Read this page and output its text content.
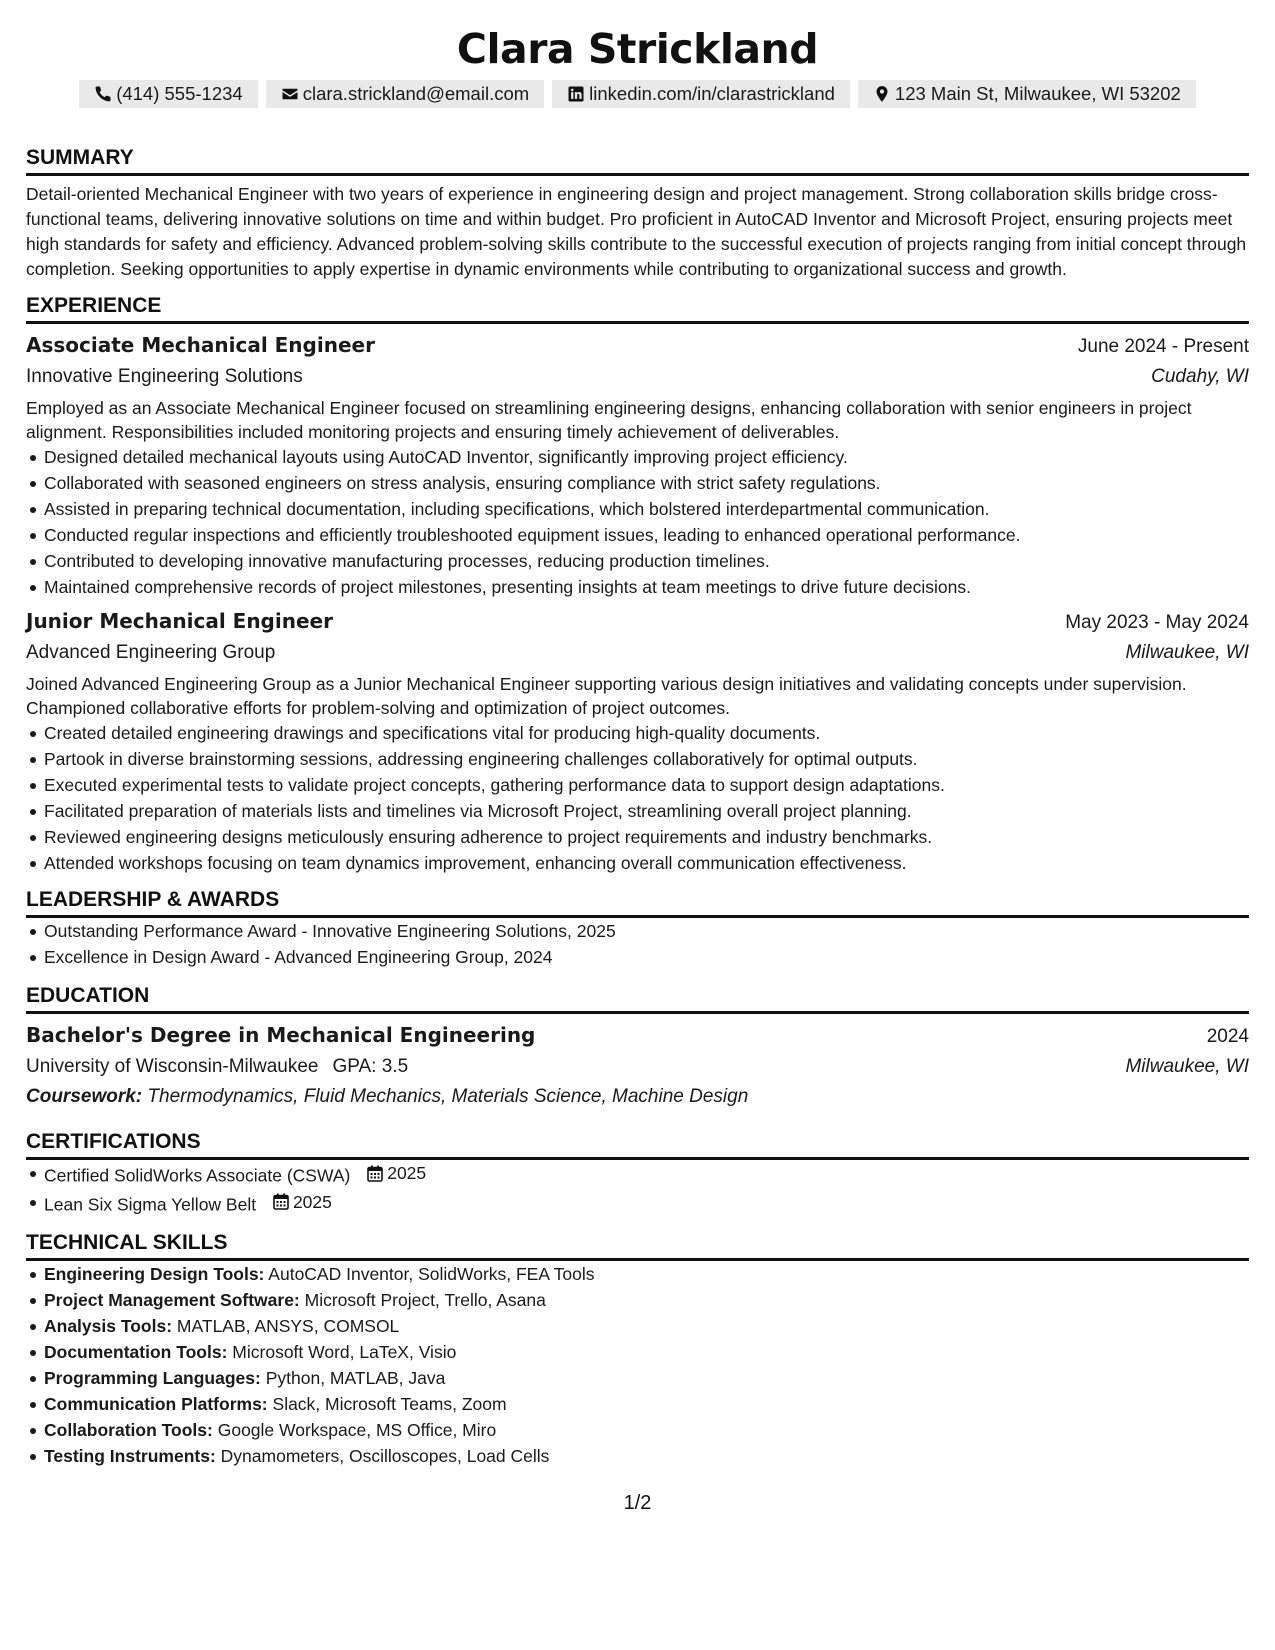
Clara Strickland
(414) 555-1234	clara.strickland@email.com	linkedin.com/in/clarastrickland	123 Main St, Milwaukee, WI 53202
SUMMARY
Detail-oriented Mechanical Engineer with two years of experience in engineering design and project management. Strong collaboration skills bridge cross-functional teams, delivering innovative solutions on time and within budget. Pro proficient in AutoCAD Inventor and Microsoft Project, ensuring projects meet high standards for safety and efficiency. Advanced problem-solving skills contribute to the successful execution of projects ranging from initial concept through completion. Seeking opportunities to apply expertise in dynamic environments while contributing to organizational success and growth.
EXPERIENCE
Associate Mechanical Engineer	June 2024 - Present
Innovative Engineering Solutions	Cudahy, WI
Employed as an Associate Mechanical Engineer focused on streamlining engineering designs, enhancing collaboration with senior engineers in project alignment. Responsibilities included monitoring projects and ensuring timely achievement of deliverables.
Designed detailed mechanical layouts using AutoCAD Inventor, significantly improving project efficiency.
Collaborated with seasoned engineers on stress analysis, ensuring compliance with strict safety regulations.
Assisted in preparing technical documentation, including specifications, which bolstered interdepartmental communication.
Conducted regular inspections and efficiently troubleshooted equipment issues, leading to enhanced operational performance.
Contributed to developing innovative manufacturing processes, reducing production timelines.
Maintained comprehensive records of project milestones, presenting insights at team meetings to drive future decisions.
Junior Mechanical Engineer	May 2023 - May 2024
Advanced Engineering Group	Milwaukee, WI
Joined Advanced Engineering Group as a Junior Mechanical Engineer supporting various design initiatives and validating concepts under supervision. Championed collaborative efforts for problem-solving and optimization of project outcomes.
Created detailed engineering drawings and specifications vital for producing high-quality documents.
Partook in diverse brainstorming sessions, addressing engineering challenges collaboratively for optimal outputs.
Executed experimental tests to validate project concepts, gathering performance data to support design adaptations.
Facilitated preparation of materials lists and timelines via Microsoft Project, streamlining overall project planning.
Reviewed engineering designs meticulously ensuring adherence to project requirements and industry benchmarks.
Attended workshops focusing on team dynamics improvement, enhancing overall communication effectiveness.
LEADERSHIP & AWARDS
Outstanding Performance Award - Innovative Engineering Solutions, 2025
Excellence in Design Award - Advanced Engineering Group, 2024
EDUCATION
Bachelor's Degree in Mechanical Engineering	2024
University of Wisconsin-Milwaukee GPA: 3.5	Milwaukee, WI
Coursework: Thermodynamics, Fluid Mechanics, Materials Science, Machine Design
CERTIFICATIONS
Certified SolidWorks Associate (CSWA) 2025
Lean Six Sigma Yellow Belt 2025
TECHNICAL SKILLS
Engineering Design Tools: AutoCAD Inventor, SolidWorks, FEA Tools
Project Management Software: Microsoft Project, Trello, Asana
Analysis Tools: MATLAB, ANSYS, COMSOL
Documentation Tools: Microsoft Word, LaTeX, Visio
Programming Languages: Python, MATLAB, Java
Communication Platforms: Slack, Microsoft Teams, Zoom
Collaboration Tools: Google Workspace, MS Office, Miro
Testing Instruments: Dynamometers, Oscilloscopes, Load Cells
1/2
